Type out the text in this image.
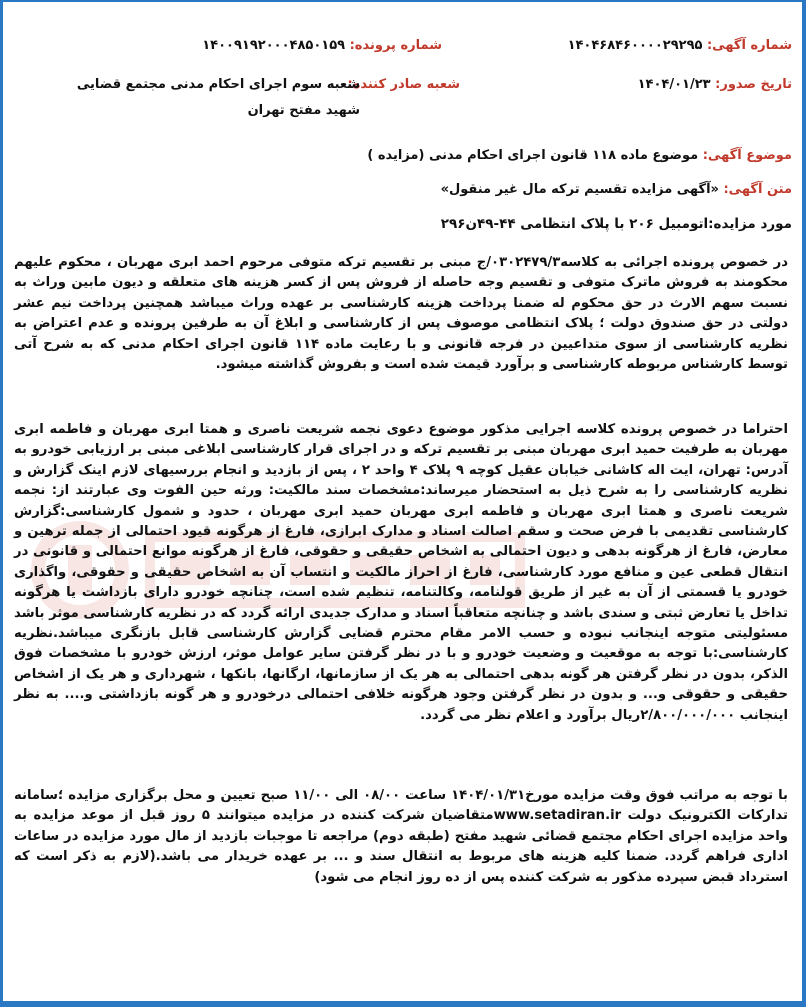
شماره آگهی: ۱۴۰۴۶۸۴۶۰۰۰۰۲۹۲۹۵
شماره پرونده: ۱۴۰۰۹۱۹۲۰۰۰۴۸۵۰۱۵۹
تاریخ صدور: ۱۴۰۴/۰۱/۲۳
شعبه صادر کننده:
شعبه سوم اجرای احکام مدنی مجتمع قضایی شهید مفتح تهران
موضوع آگهی: موضوع ماده ۱۱۸ قانون اجرای احکام مدنی (مزایده )
متن آگهی: «آگهی مزایده تقسیم ترکه مال غیر منقول»
مورد مزایده:اتومبیل ۲۰۶ با پلاک انتظامی ۴۴-۴۹ن۲۹۶
در خصوص پرونده اجرائی به کلاسه۰۳۰۲۴۷۹/۳/ج مبنی بر تقسیم ترکه متوفی مرحوم احمد ابری مهربان ، محکوم علیهم محکومند به فروش ماترک متوفی و تقسیم وجه حاصله از فروش پس از کسر هزینه های متعلقه و دیون مابین وراث به نسبت سهم الارث در حق محکوم له ضمنا پرداخت هزینه کارشناسی بر عهده وراث میباشد همچنین پرداخت نیم عشر دولتی در حق صندوق دولت ؛ پلاک انتظامی موصوف پس از کارشناسی و ابلاغ آن به طرفین پرونده و عدم اعتراض به نظریه کارشناسی از سوی متداعیین در فرجه قانونی و با رعایت ماده ۱۱۴ قانون اجرای احکام مدنی که به شرح آتی توسط کارشناس مربوطه کارشناسی و برآورد قیمت شده است و بفروش گذاشته میشود.
احتراما در خصوص پرونده کلاسه اجرایی مذکور موضوع دعوی نجمه شریعت ناصری و همتا ابری مهربان و فاطمه ابری مهربان به طرفیت حمید ابری مهربان مبنی بر تقسیم ترکه و در اجرای قرار کارشناسی ابلاغی مبنی بر ارزیابی خودرو به آدرس: تهران، ایت اله کاشانی خیابان عقیل کوچه ۹ پلاک ۴ واحد ۲ ، پس از بازدید و انجام بررسیهای لازم اینک گزارش و نظریه کارشناسی را به شرح ذیل به استحضار میرساند:مشخصات سند مالکیت: ورثه حین الفوت وی عبارتند از: نجمه شریعت ناصری و همتا ابری مهربان و فاطمه ابری مهربان حمید ابری مهربان ، حدود و شمول کارشناسی:گزارش کارشناسی تقدیمی با فرض صحت و سقم اصالت اسناد و مدارک ابرازی، فارغ از هرگونه قیود احتمالی از جمله ترهین و معارض، فارغ از هرگونه بدهی و دیون احتمالی به اشخاص حقیقی و حقوقی، فارغ از هرگونه موانع احتمالی و قانونی در انتقال قطعی عین و منافع مورد کارشناسی، فارغ از احراز مالکیت و انتساب آن به اشخاص حقیقی و حقوقی، واگذاری خودرو یا قسمتی از آن به غیر از طریق قولنامه، وکالتنامه، تنظیم شده است، چنانچه خودرو دارای بازداشت یا هرگونه تداخل یا تعارض ثبتی و سندی باشد و چنانچه متعاقباً اسناد و مدارک جدیدی ارائه گردد که در نظریه کارشناسی موثر باشد مسئولیتی متوجه اینجانب نبوده و حسب الامر مقام محترم قضایی گزارش کارشناسی قابل بازنگری میباشد.نظریه کارشناسی:با توجه به موقعیت و وضعیت خودرو و با در نظر گرفتن سایر عوامل موثر، ارزش خودرو با مشخصات فوق الذکر، بدون در نظر گرفتن هر گونه بدهی احتمالی به هر یک از سازمانها، ارگانها، بانکها ، شهرداری و هر یک از اشخاص حقیقی و حقوقی و... و بدون در نظر گرفتن وجود هرگونه خلافی احتمالی درخودرو و هر گونه بازداشتی و.... به نظر اینجانب ۲/۸۰۰/۰۰۰/۰۰۰ریال برآورد و اعلام نظر می گردد.
با توجه به مراتب فوق وقت مزایده مورخ۱۴۰۴/۰۱/۳۱ ساعت ۰۸/۰۰ الی ۱۱/۰۰ صبح تعیین و محل برگزاری مزایده ؛سامانه تدارکات الکترونیک دولت www.setadiran.irمتقاضیان شرکت کننده در مزایده میتوانند ۵ روز قبل از موعد مزایده به واحد مزایده اجرای احکام مجتمع قضائی شهید مفتح (طبقه دوم) مراجعه تا موجبات بازدید از مال مورد مزایده در ساعات اداری فراهم گردد. ضمنا کلیه هزینه های مربوط به انتقال سند و ... بر عهده خریدار می باشد.(لازم به ذکر است که استرداد قبض سپرده مذکور به شرکت کننده پس از ده روز انجام می شود)
